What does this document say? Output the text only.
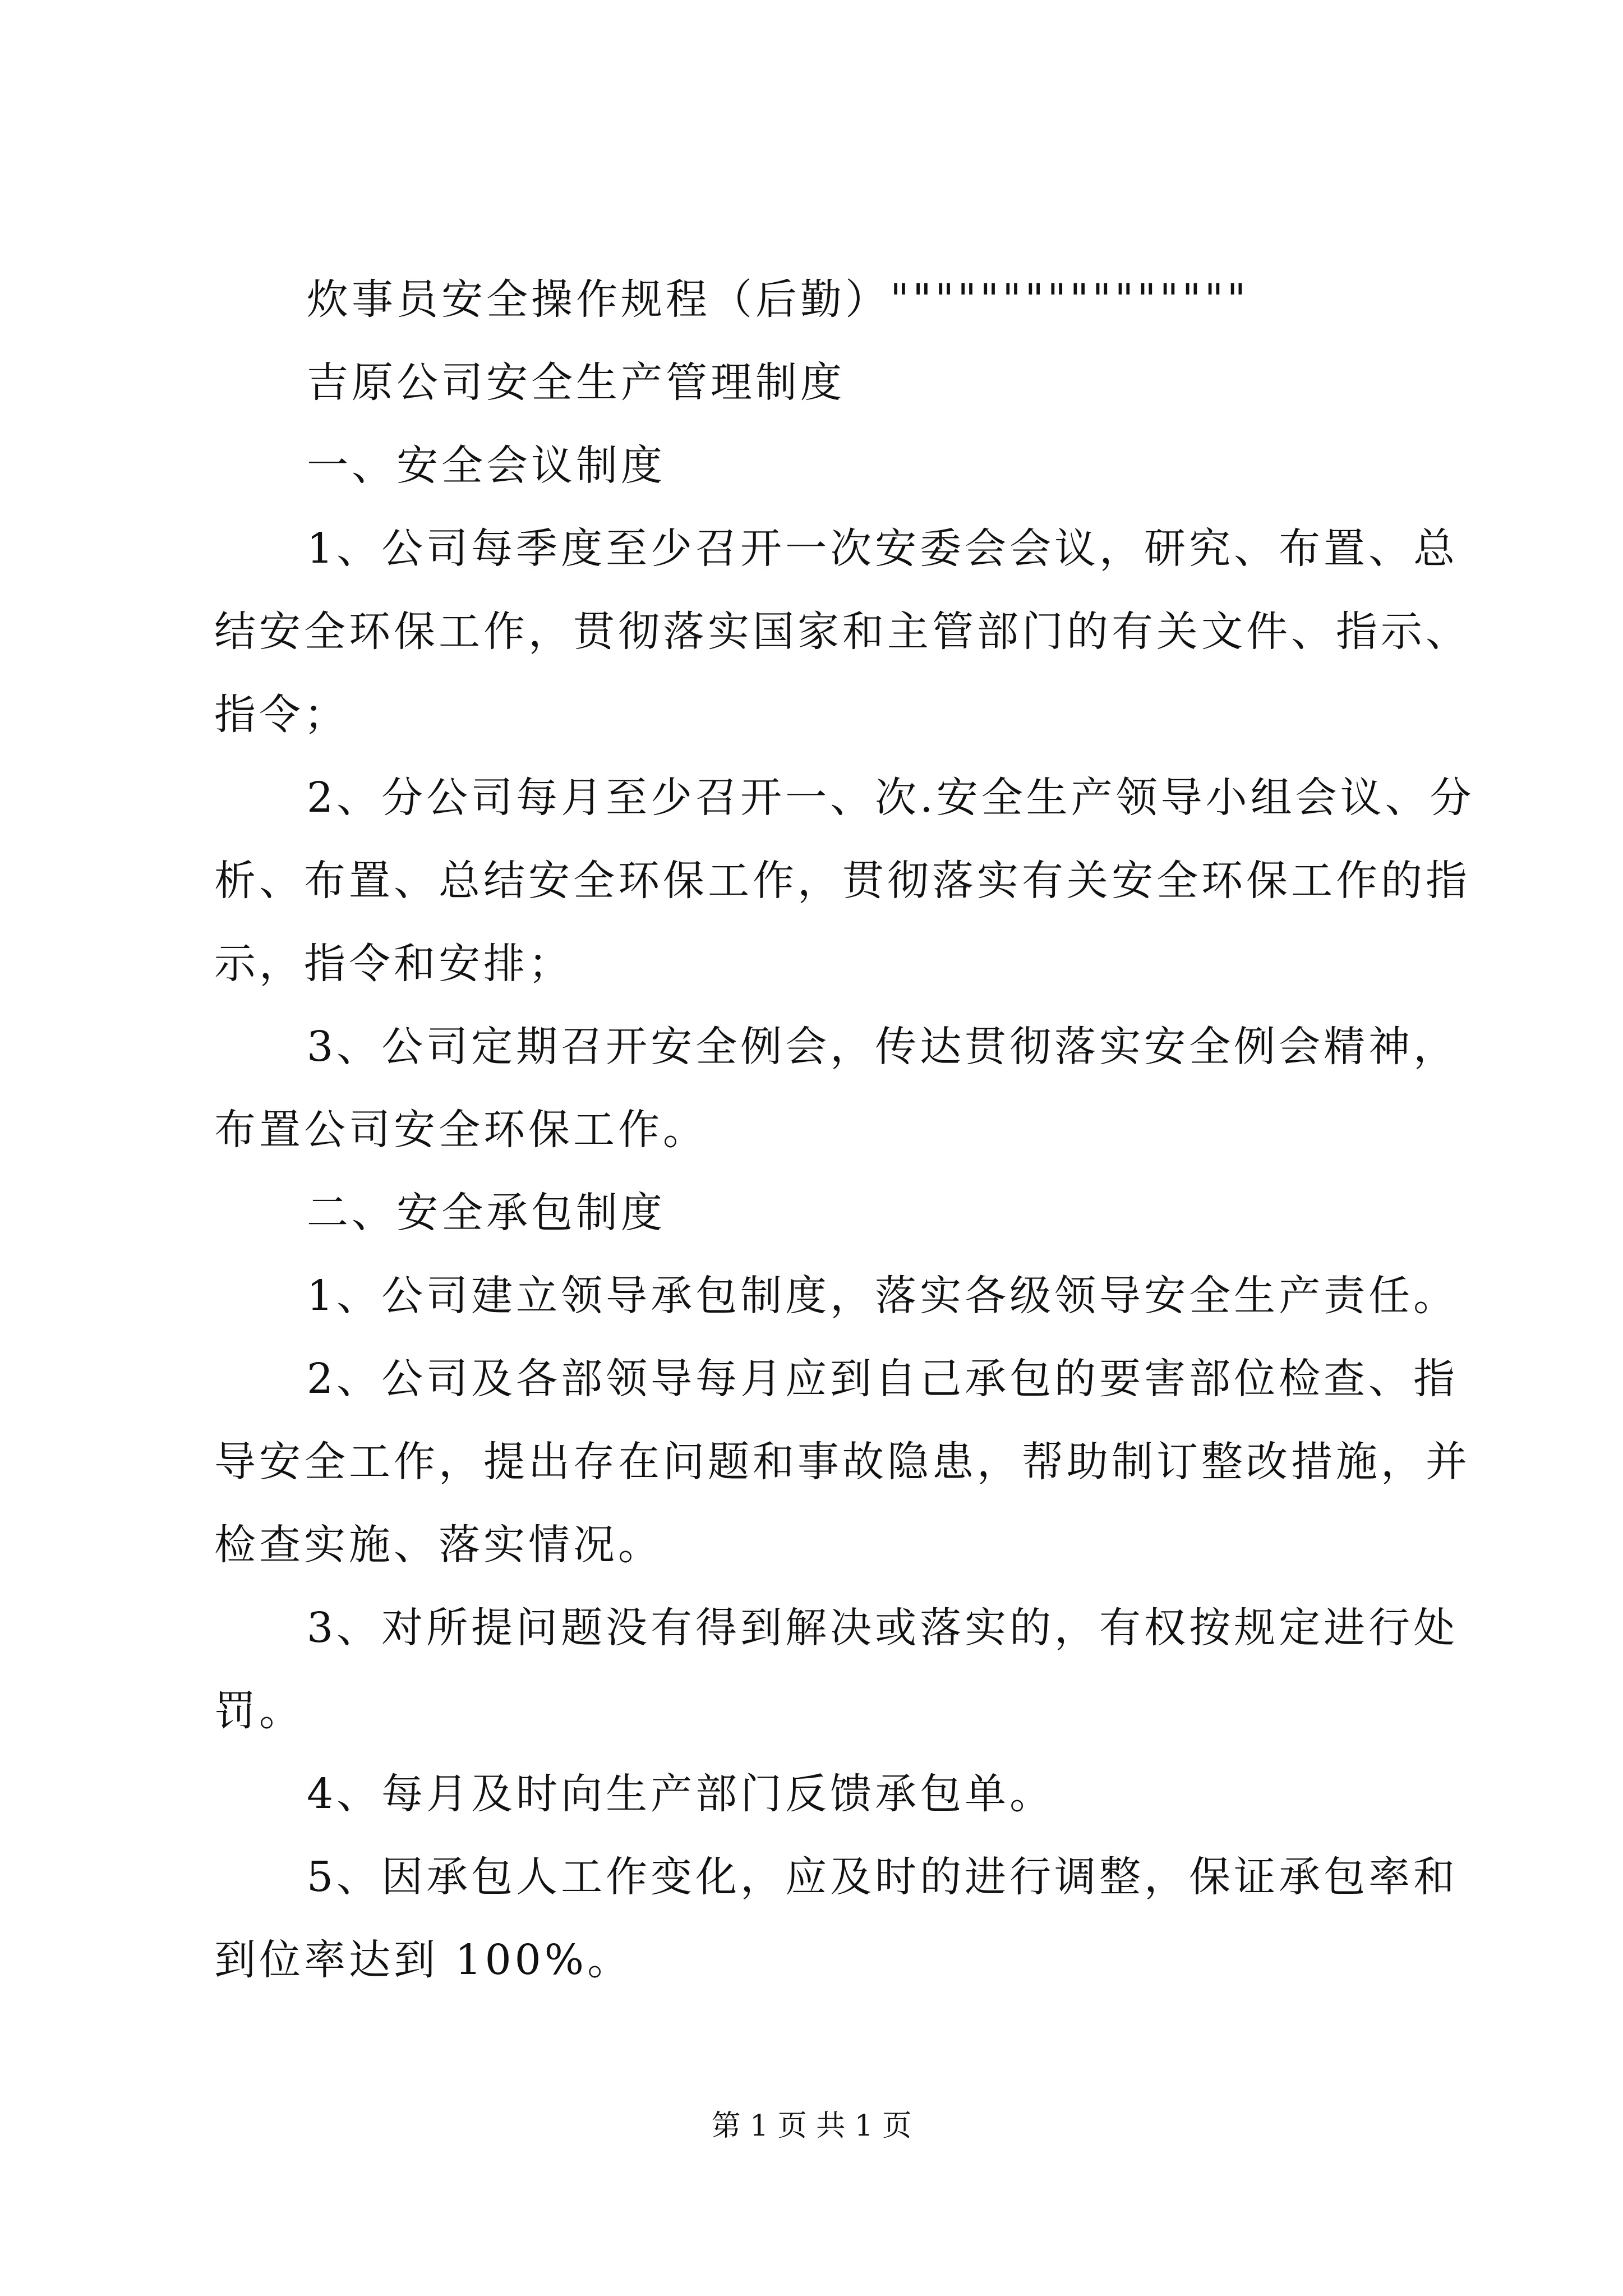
炊事员安全操作规程（后勤）""""""""""""""""
吉原公司安全生产管理制度
一、安全会议制度
1、公司每季度至少召开一次安委会会议，研究、布置、总
结安全环保工作，贯彻落实国家和主管部门的有关文件、指示、
指令；
2、分公司每月至少召开一、次.安全生产领导小组会议、分
析、布置、总结安全环保工作，贯彻落实有关安全环保工作的指
示，指令和安排；
3、公司定期召开安全例会，传达贯彻落实安全例会精神，
布置公司安全环保工作。
二、安全承包制度
1、公司建立领导承包制度，落实各级领导安全生产责任。
2、公司及各部领导每月应到自己承包的要害部位检查、指
导安全工作，提出存在问题和事故隐患，帮助制订整改措施，并
检查实施、落实情况。
3、对所提问题没有得到解决或落实的，有权按规定进行处
罚。
4、每月及时向生产部门反馈承包单。
5、因承包人工作变化，应及时的进行调整，保证承包率和
到位率达到 100%。
第 1 页 共 1 页
